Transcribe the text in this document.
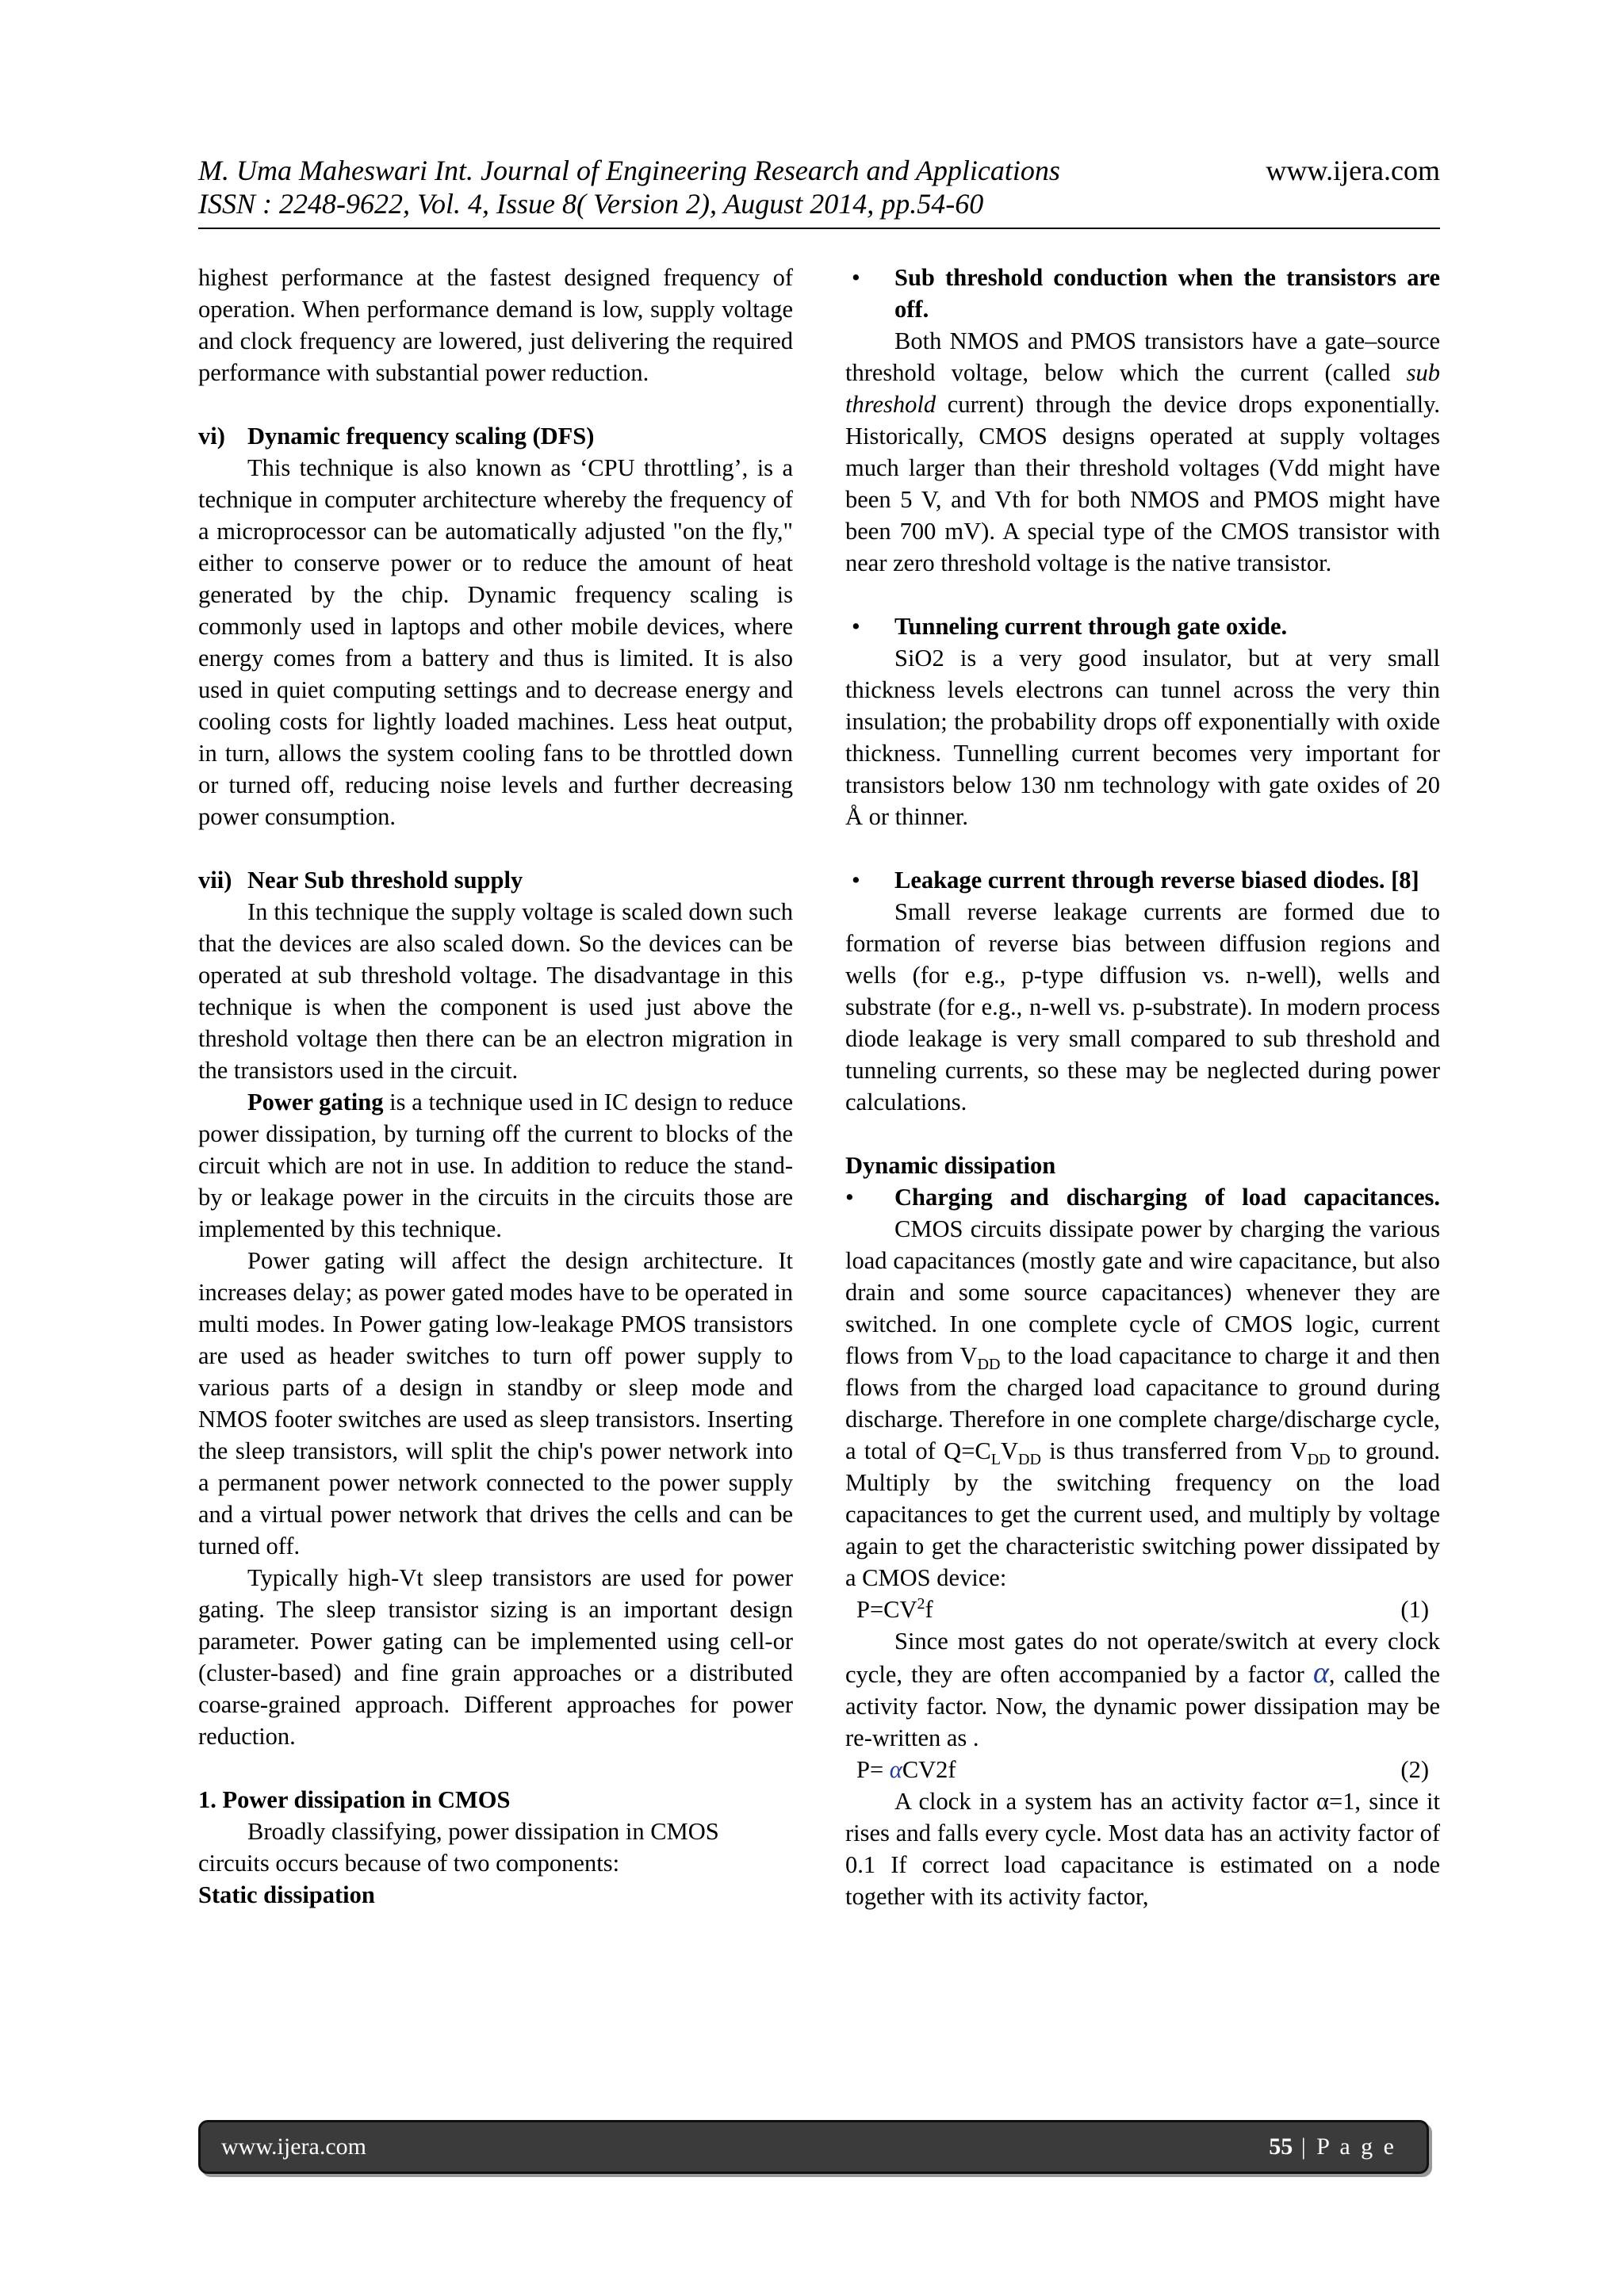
M. Uma Maheswari Int. Journal of Engineering Research and Applications	www.ijera.com
ISSN : 2248-9622, Vol. 4, Issue 8( Version 2), August 2014, pp.54-60

highest performance at the fastest designed frequency of operation. When performance demand is low, supply voltage and clock frequency are lowered, just delivering the required performance with substantial power reduction.

vi) Dynamic frequency scaling (DFS)

This technique is also known as ‘CPU throttling’, is a technique in computer architecture whereby the frequency of a microprocessor can be automatically adjusted "on the fly," either to conserve power or to reduce the amount of heat generated by the chip. Dynamic frequency scaling is commonly used in laptops and other mobile devices, where energy comes from a battery and thus is limited. It is also used in quiet computing settings and to decrease energy and cooling costs for lightly loaded machines. Less heat output, in turn, allows the system cooling fans to be throttled down or turned off, reducing noise levels and further decreasing power consumption.

vii) Near Sub threshold supply

In this technique the supply voltage is scaled down such that the devices are also scaled down. So the devices can be operated at sub threshold voltage. The disadvantage in this technique is when the component is used just above the threshold voltage then there can be an electron migration in the transistors used in the circuit.

Power gating is a technique used in IC design to reduce power dissipation, by turning off the current to blocks of the circuit which are not in use. In addition to reduce the stand-by or leakage power in the circuits in the circuits those are implemented by this technique.

Power gating will affect the design architecture. It increases delay; as power gated modes have to be operated in multi modes. In Power gating low-leakage PMOS transistors are used as header switches to turn off power supply to various parts of a design in standby or sleep mode and NMOS footer switches are used as sleep transistors. Inserting the sleep transistors, will split the chip's power network into a permanent power network connected to the power supply and a virtual power network that drives the cells and can be turned off.

Typically high-Vt sleep transistors are used for power gating. The sleep transistor sizing is an important design parameter. Power gating can be implemented using cell-or (cluster-based) and fine grain approaches or a distributed coarse-grained approach. Different approaches for power reduction.

1. Power dissipation in CMOS

Broadly classifying, power dissipation in CMOS circuits occurs because of two components:

Static dissipation

• Sub threshold conduction when the transistors are off.

Both NMOS and PMOS transistors have a gate–source threshold voltage, below which the current (called sub threshold current) through the device drops exponentially. Historically, CMOS designs operated at supply voltages much larger than their threshold voltages (Vdd might have been 5 V, and Vth for both NMOS and PMOS might have been 700 mV). A special type of the CMOS transistor with near zero threshold voltage is the native transistor.

• Tunneling current through gate oxide.

SiO2 is a very good insulator, but at very small thickness levels electrons can tunnel across the very thin insulation; the probability drops off exponentially with oxide thickness. Tunnelling current becomes very important for transistors below 130 nm technology with gate oxides of 20 Å or thinner.

• Leakage current through reverse biased diodes. [8]

Small reverse leakage currents are formed due to formation of reverse bias between diffusion regions and wells (for e.g., p-type diffusion vs. n-well), wells and substrate (for e.g., n-well vs. p-substrate). In modern process diode leakage is very small compared to sub threshold and tunneling currents, so these may be neglected during power calculations.

Dynamic dissipation

• Charging and discharging of load capacitances.

CMOS circuits dissipate power by charging the various load capacitances (mostly gate and wire capacitance, but also drain and some source capacitances) whenever they are switched. In one complete cycle of CMOS logic, current flows from $V_{DD}$ to the load capacitance to charge it and then flows from the charged load capacitance to ground during discharge. Therefore in one complete charge/discharge cycle, a total of $Q=C_LV_{DD}$ is thus transferred from $V_{DD}$ to ground. Multiply by the switching frequency on the load capacitances to get the current used, and multiply by voltage again to get the characteristic switching power dissipated by a CMOS device:

$P=CV^2f$	(1)

Since most gates do not operate/switch at every clock cycle, they are often accompanied by a factor α, called the activity factor. Now, the dynamic power dissipation may be re-written as .

P= αCV2f	(2)

A clock in a system has an activity factor α=1, since it rises and falls every cycle. Most data has an activity factor of 0.1 If correct load capacitance is estimated on a node together with its activity factor,

www.ijera.com	55 | P a g e
